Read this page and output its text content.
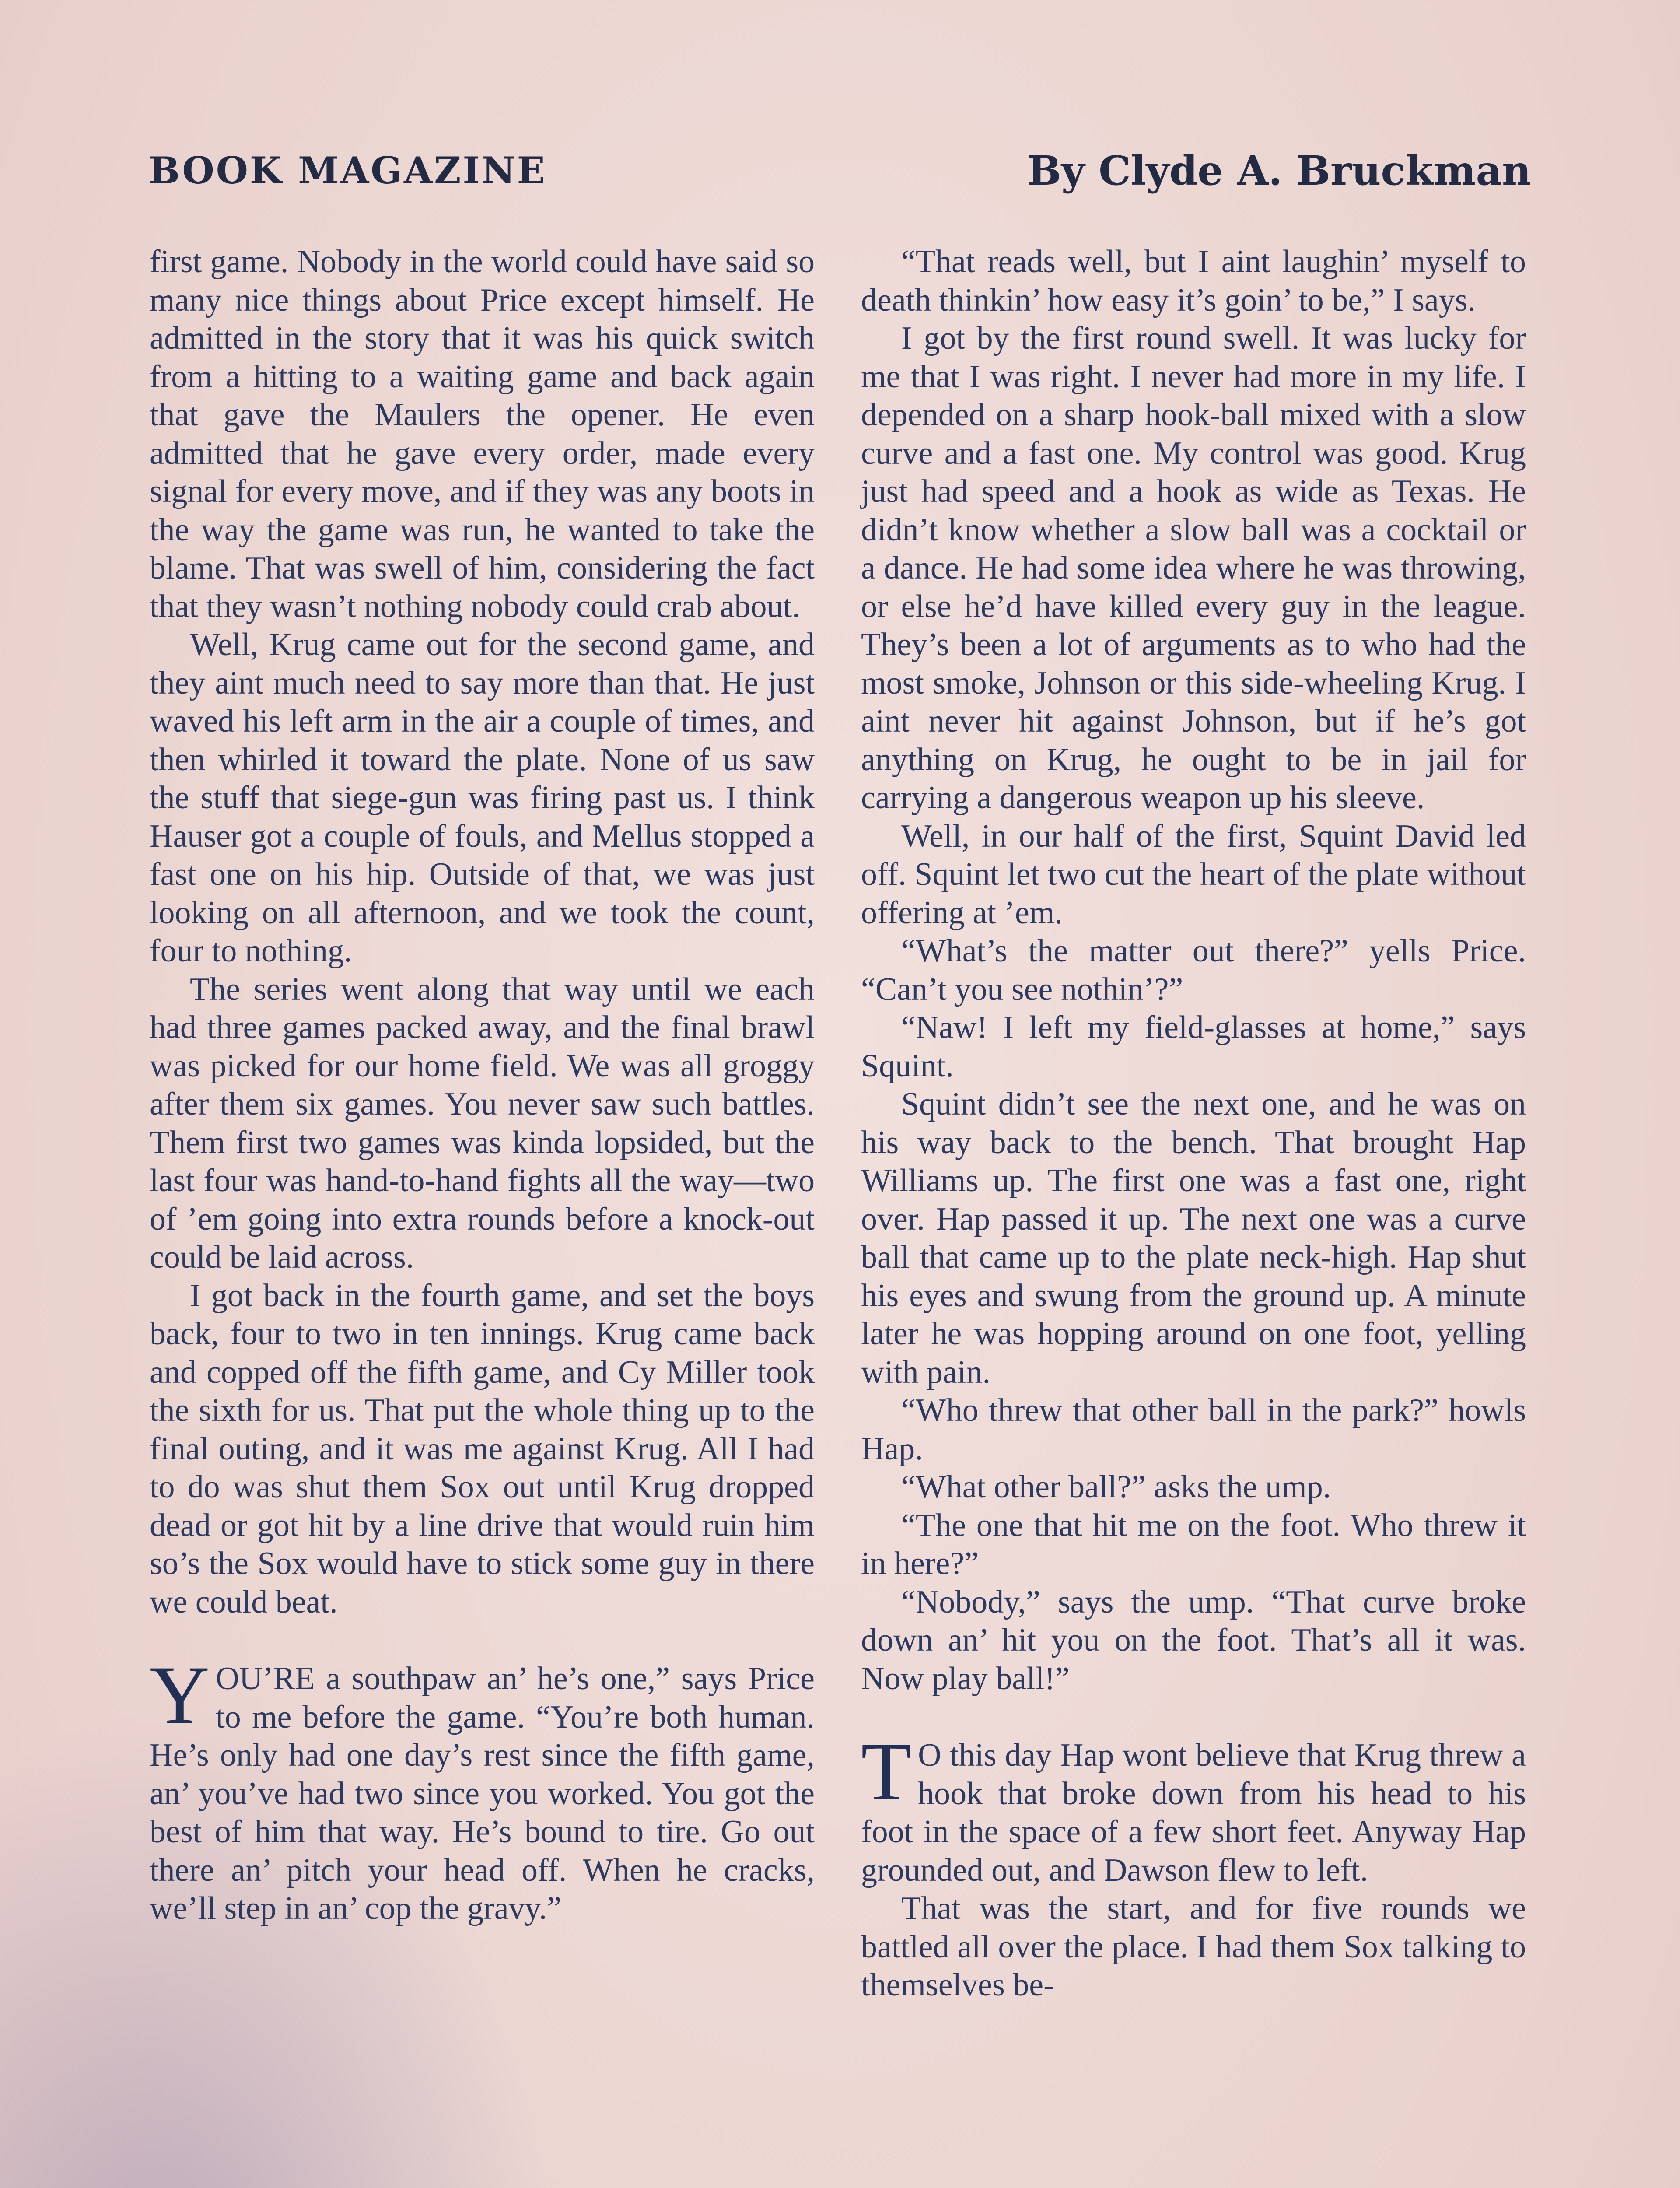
BOOK MAGAZINE	By Clyde A. Bruckman

first game. Nobody in the world could have said so many nice things about Price except himself. He admitted in the story that it was his quick switch from a hitting to a waiting game and back again that gave the Maulers the opener. He even admitted that he gave every order, made every signal for every move, and if they was any boots in the way the game was run, he wanted to take the blame. That was swell of him, considering the fact that they wasn’t nothing nobody could crab about.

Well, Krug came out for the second game, and they aint much need to say more than that. He just waved his left arm in the air a couple of times, and then whirled it toward the plate. None of us saw the stuff that siege-gun was firing past us. I think Hauser got a couple of fouls, and Mellus stopped a fast one on his hip. Outside of that, we was just looking on all afternoon, and we took the count, four to nothing.

The series went along that way until we each had three games packed away, and the final brawl was picked for our home field. We was all groggy after them six games. You never saw such battles. Them first two games was kinda lopsided, but the last four was hand-to-hand fights all the way—two of ’em going into extra rounds before a knock-out could be laid across.

I got back in the fourth game, and set the boys back, four to two in ten innings. Krug came back and copped off the fifth game, and Cy Miller took the sixth for us. That put the whole thing up to the final outing, and it was me against Krug. All I had to do was shut them Sox out until Krug dropped dead or got hit by a line drive that would ruin him so’s the Sox would have to stick some guy in there we could beat.

YOU’RE a southpaw an’ he’s one,” says Price to me before the game. “You’re both human. He’s only had one day’s rest since the fifth game, an’ you’ve had two since you worked. You got the best of him that way. He’s bound to tire. Go out there an’ pitch your head off. When he cracks, we’ll step in an’ cop the gravy.”

“That reads well, but I aint laughin’ myself to death thinkin’ how easy it’s goin’ to be,” I says.

I got by the first round swell. It was lucky for me that I was right. I never had more in my life. I depended on a sharp hook-ball mixed with a slow curve and a fast one. My control was good. Krug just had speed and a hook as wide as Texas. He didn’t know whether a slow ball was a cocktail or a dance. He had some idea where he was throwing, or else he’d have killed every guy in the league. They’s been a lot of arguments as to who had the most smoke, Johnson or this side-wheeling Krug. I aint never hit against Johnson, but if he’s got anything on Krug, he ought to be in jail for carrying a dangerous weapon up his sleeve.

Well, in our half of the first, Squint David led off. Squint let two cut the heart of the plate without offering at ’em.

“What’s the matter out there?” yells Price. “Can’t you see nothin’?”

“Naw! I left my field-glasses at home,” says Squint.

Squint didn’t see the next one, and he was on his way back to the bench. That brought Hap Williams up. The first one was a fast one, right over. Hap passed it up. The next one was a curve ball that came up to the plate neck-high. Hap shut his eyes and swung from the ground up. A minute later he was hopping around on one foot, yelling with pain.

“Who threw that other ball in the park?” howls Hap.

“What other ball?” asks the ump.

“The one that hit me on the foot. Who threw it in here?”

“Nobody,” says the ump. “That curve broke down an’ hit you on the foot. That’s all it was. Now play ball!”

T O this day Hap wont believe that Krug threw a hook that broke down from his head to his foot in the space of a few short feet. Anyway Hap grounded out, and Dawson flew to left.

That was the start, and for five rounds we battled all over the place. I had them Sox talking to themselves be-
